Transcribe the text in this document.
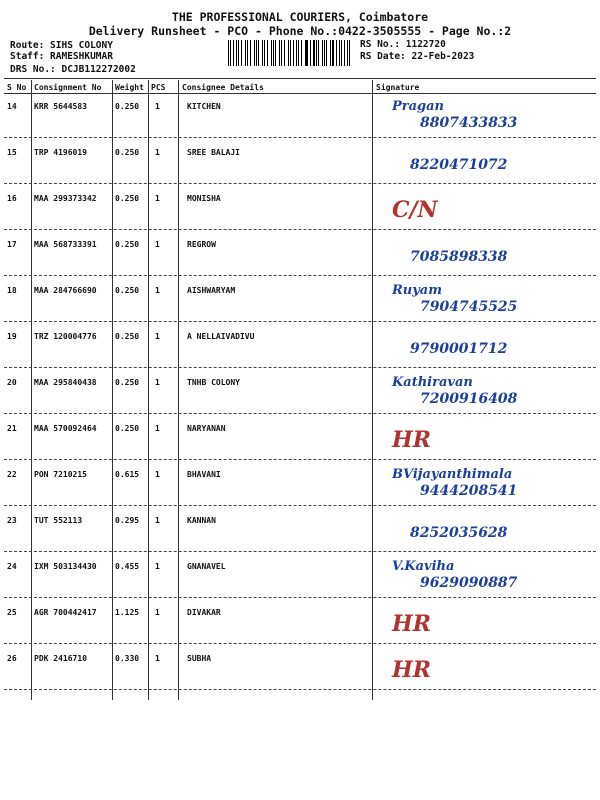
THE PROFESSIONAL COURIERS, Coimbatore
Delivery Runsheet - PCO - Phone No.:0422-3505555 - Page No.:2
Route: SIHS COLONY
Staff: RAMESHKUMAR
DRS No.: DCJB112272002
RS No.: 1122720
RS Date: 22-Feb-2023
S No Consignment No Weight PCS Consignee Details	Signature
14 KRR 5644583	0.250 1	KITCHEN	Pragan
8807433833
15 TRP 4196019	0.250 1	SREE BALAJI
8220471072
16 MAA 299373342 0.250 1	MONISHA	C/N
17 MAA 568733391 0.250 1	REGROW
7085898338
18 MAA 284766690 0.250 1	AISHWARYAM	Ruyam
7904745525
19 TRZ 120004776 0.250 1	A NELLAIVADIVU
9790001712
20 MAA 295840438 0.250 1	TNHB COLONY	Kathiravan
7200916408
21 MAA 570092464 0.250 1	NARYANAN	HR
22 PON 7210215	0.615 1	BHAVANI	BVijayanthimala
9444208541
23 TUT 552113	0.295 1	KANNAN
8252035628
24 IXM 503134430 0.455 1	GNANAVEL	V.Kaviha
9629090887
25 AGR 700442417 1.125 1	DIVAKAR	HR
26 PDK 2416710	0.330 1	SUBHA	HR
